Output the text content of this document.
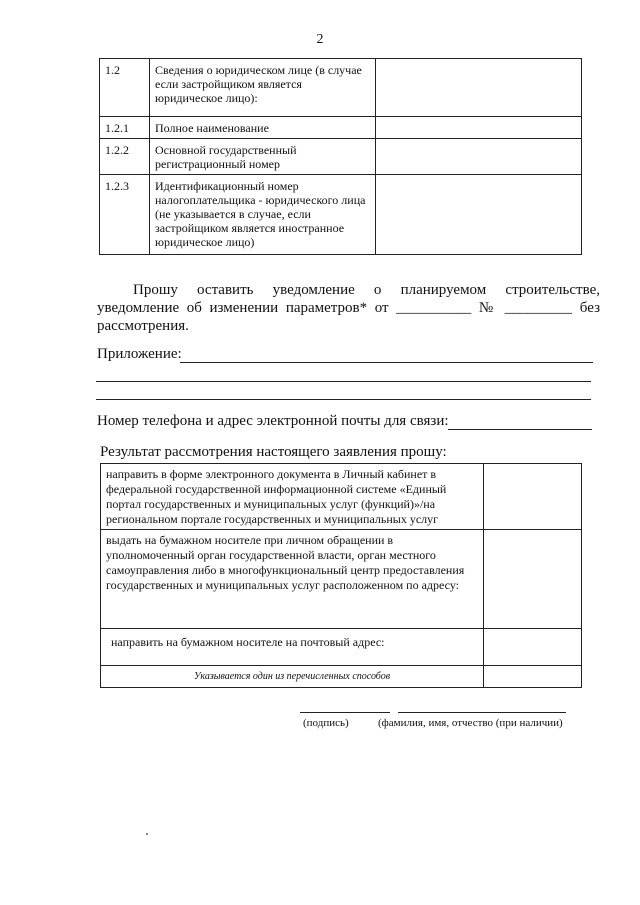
2
1.2	Сведения о юридическом лице (в случае если застройщиком является юридическое лицо):	
1.2.1	Полное наименование	
1.2.2	Основной государственный регистрационный номер	
1.2.3	Идентификационный номер налогоплательщика - юридического лица (не указывается в случае, если застройщиком является иностранное юридическое лицо)	

Прошу оставить уведомление о планируемом строительстве, уведомление об изменении параметров* от __________ № _________ без рассмотрения.

Приложение:
Номер телефона и адрес электронной почты для связи:
Результат рассмотрения настоящего заявления прошу:
направить в форме электронного документа в Личный кабинет в федеральной государственной информационной системе «Единый портал государственных и муниципальных услуг (функций)»/на региональном портале государственных и муниципальных услуг	
выдать на бумажном носителе при личном обращении в уполномоченный орган государственной власти, орган местного самоуправления либо в многофункциональный центр предоставления государственных и муниципальных услуг расположенном по адресу:	
направить на бумажном носителе на почтовый адрес:	
Указывается один из перечисленных способов	
(подпись)	(фамилия, имя, отчество (при наличии)
